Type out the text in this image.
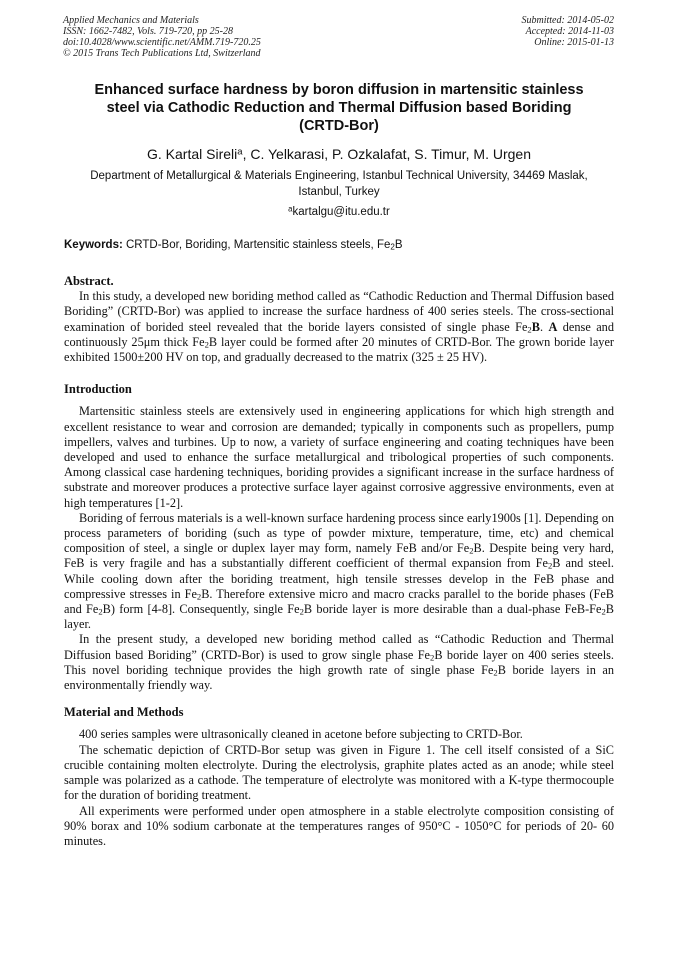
Applied Mechanics and Materials
ISSN: 1662-7482, Vols. 719-720, pp 25-28
doi:10.4028/www.scientific.net/AMM.719-720.25
© 2015 Trans Tech Publications Ltd, Switzerland
Submitted: 2014-05-02
Accepted: 2014-11-03
Online: 2015-01-13
Enhanced surface hardness by boron diffusion in martensitic stainless
steel via Cathodic Reduction and Thermal Diffusion based Boriding
(CRTD-Bor)
G. Kartal Sireli$^a$, C. Yelkarasi, P. Ozkalafat, S. Timur, M. Urgen
Department of Metallurgical & Materials Engineering, Istanbul Technical University, 34469 Maslak,
Istanbul, Turkey
$^a$kartalgu@itu.edu.tr
Keywords: CRTD-Bor, Boriding, Martensitic stainless steels, $Fe_2B$
Abstract.

In this study, a developed new boriding method called as “Cathodic Reduction and Thermal Diffusion based Boriding” (CRTD-Bor) was applied to increase the surface hardness of 400 series steels. The cross-sectional examination of borided steel revealed that the boride layers consisted of single phase $Fe_2B$. A dense and continuously 25μm thick $Fe_2B$ layer could be formed after 20 minutes of CRTD-Bor. The grown boride layer exhibited 1500±200 HV on top, and gradually decreased to the matrix (325 ± 25 HV).

Introduction

Martensitic stainless steels are extensively used in engineering applications for which high strength and excellent resistance to wear and corrosion are demanded; typically in components such as propellers, pump impellers, valves and turbines. Up to now, a variety of surface engineering and coating techniques have been developed and used to enhance the surface metallurgical and tribological properties of such components. Among classical case hardening techniques, boriding provides a significant increase in the surface hardness of substrate and moreover produces a protective surface layer against corrosive aggressive environments, even at high temperatures [1-2].

Boriding of ferrous materials is a well-known surface hardening process since early1900s [1]. Depending on process parameters of boriding (such as type of powder mixture, temperature, time, etc) and chemical composition of steel, a single or duplex layer may form, namely FeB and/or $Fe_2B$. Despite being very hard, FeB is very fragile and has a substantially different coefficient of thermal expansion from $Fe_2B$ and steel. While cooling down after the boriding treatment, high tensile stresses develop in the FeB phase and compressive stresses in $Fe_2B$. Therefore extensive micro and macro cracks parallel to the boride phases (FeB and $Fe_2B$) form [4-8]. Consequently, single $Fe_2B$ boride layer is more desirable than a dual-phase FeB-$Fe_2B$ layer.

In the present study, a developed new boriding method called as “Cathodic Reduction and Thermal Diffusion based Boriding” (CRTD-Bor) is used to grow single phase $Fe_2B$ boride layer on 400 series steels. This novel boriding technique provides the high growth rate of single phase $Fe_2B$ boride layers in an environmentally friendly way.

Material and Methods

400 series samples were ultrasonically cleaned in acetone before subjecting to CRTD-Bor.

The schematic depiction of CRTD-Bor setup was given in Figure 1. The cell itself consisted of a SiC crucible containing molten electrolyte. During the electrolysis, graphite plates acted as an anode; while steel sample was polarized as a cathode. The temperature of electrolyte was monitored with a K-type thermocouple for the duration of boriding treatment.

All experiments were performed under open atmosphere in a stable electrolyte composition consisting of 90% borax and 10% sodium carbonate at the temperatures ranges of 950°C - 1050°C for periods of 20- 60 minutes.
